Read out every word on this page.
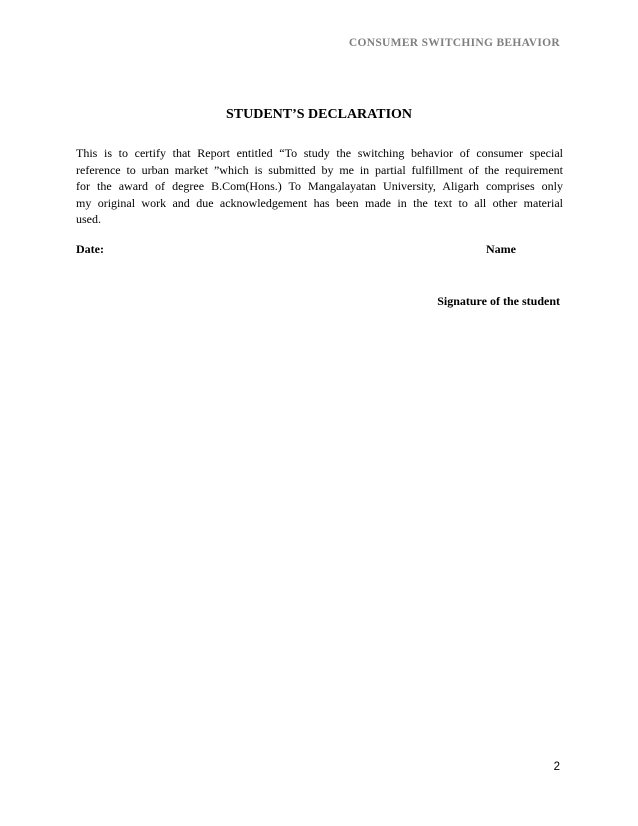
CONSUMER SWITCHING BEHAVIOR
STUDENT’S DECLARATION
This is to certify that Report entitled “To study the switching behavior of consumer special
reference to urban market ”which is submitted by me in partial fulfillment of the requirement
for the award of degree B.Com(Hons.) To Mangalayatan University, Aligarh comprises only
my original work and due acknowledgement has been made in the text to all other material
used.
Date:	Name
Signature of the student
2
